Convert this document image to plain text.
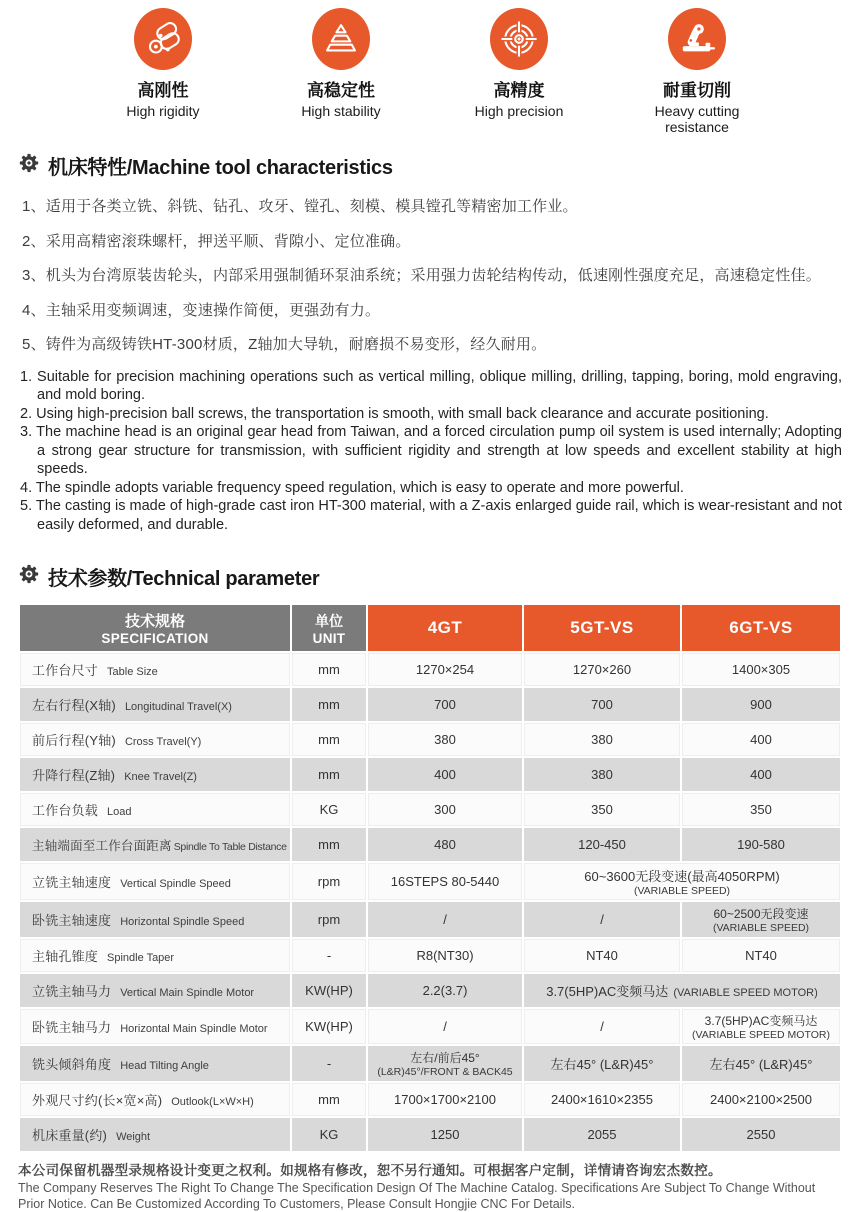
高刚性
High rigidity
高稳定性
High stability
高精度
High precision
耐重切削
Heavy cutting resistance
机床特性/Machine tool characteristics
1、适用于各类立铣、斜铣、钻孔、攻牙、镗孔、刻模、模具镗孔等精密加工作业。
2、采用高精密滚珠螺杆，押送平顺、背隙小、定位准确。
3、机头为台湾原装齿轮头，内部采用强制循环泵油系统；采用强力齿轮结构传动，低速刚性强度充足，高速稳定性佳。
4、主轴采用变频调速，变速操作简便，更强劲有力。
5、铸件为高级铸铁HT-300材质，Z轴加大导轨，耐磨损不易变形，经久耐用。
1. Suitable for precision machining operations such as vertical milling, oblique milling, drilling, tapping, boring, mold engraving, and mold boring.
2. Using high-precision ball screws, the transportation is smooth, with small back clearance and accurate positioning.
3. The machine head is an original gear head from Taiwan, and a forced circulation pump oil system is used internally; Adopting a strong gear structure for transmission, with sufficient rigidity and strength at low speeds and excellent stability at high speeds.
4. The spindle adopts variable frequency speed regulation, which is easy to operate and more powerful.
5. The casting is made of high-grade cast iron HT-300 material, with a Z-axis enlarged guide rail, which is wear-resistant and not easily deformed, and durable.
技术参数/Technical parameter
技术规格
SPECIFICATION	单位
UNIT	4GT	5GT-VS	6GT-VS

工作台尺寸 Table Size	mm	1270×254	1270×260	1400×305

左右行程(X轴) Longitudinal Travel(X)	mm	700	700	900

前后行程(Y轴) Cross Travel(Y)	mm	380	380	400

升降行程(Z轴) Knee Travel(Z)	mm	400	380	400

工作台负载 Load	KG	300	350	350

主轴端面至工作台面距离 Spindle To Table Distance	mm	480	120-450	190-580

立铣主轴速度 Vertical Spindle Speed	rpm	16STEPS 80-5440	60~3600无段变速(最高4050RPM)
(VARIABLE SPEED)	

卧铣主轴速度 Horizontal Spindle Speed	rpm	/	/	60~2500无段变速
(VARIABLE SPEED)

主轴孔锥度 Spindle Taper	-	R8(NT30)	NT40	NT40

立铣主轴马力 Vertical Main Spindle Motor	KW(HP)	2.2(3.7)	3.7(5HP)AC变频马达 (VARIABLE SPEED MOTOR)	

卧铣主轴马力 Horizontal Main Spindle Motor	KW(HP)	/	/	3.7(5HP)AC变频马达
(VARIABLE SPEED MOTOR)

铣头倾斜角度 Head Tilting Angle	-	左右/前后45°
(L&R)45°/FRONT & BACK45	左右45° (L&R)45°	左右45° (L&R)45°

外观尺寸约(长×宽×高) Outlook(L×W×H)	mm	1700×1700×2100	2400×1610×2355	2400×2100×2500

机床重量(约) Weight	KG	1250	2055	2550
本公司保留机器型录规格设计变更之权利。如规格有修改，恕不另行通知。可根据客户定制，详情请咨询宏杰数控。
The Company Reserves The Right To Change The Specification Design Of The Machine Catalog. Specifications Are Subject To Change Without Prior Notice. Can Be Customized According To Customers, Please Consult Hongjie CNC For Details.
